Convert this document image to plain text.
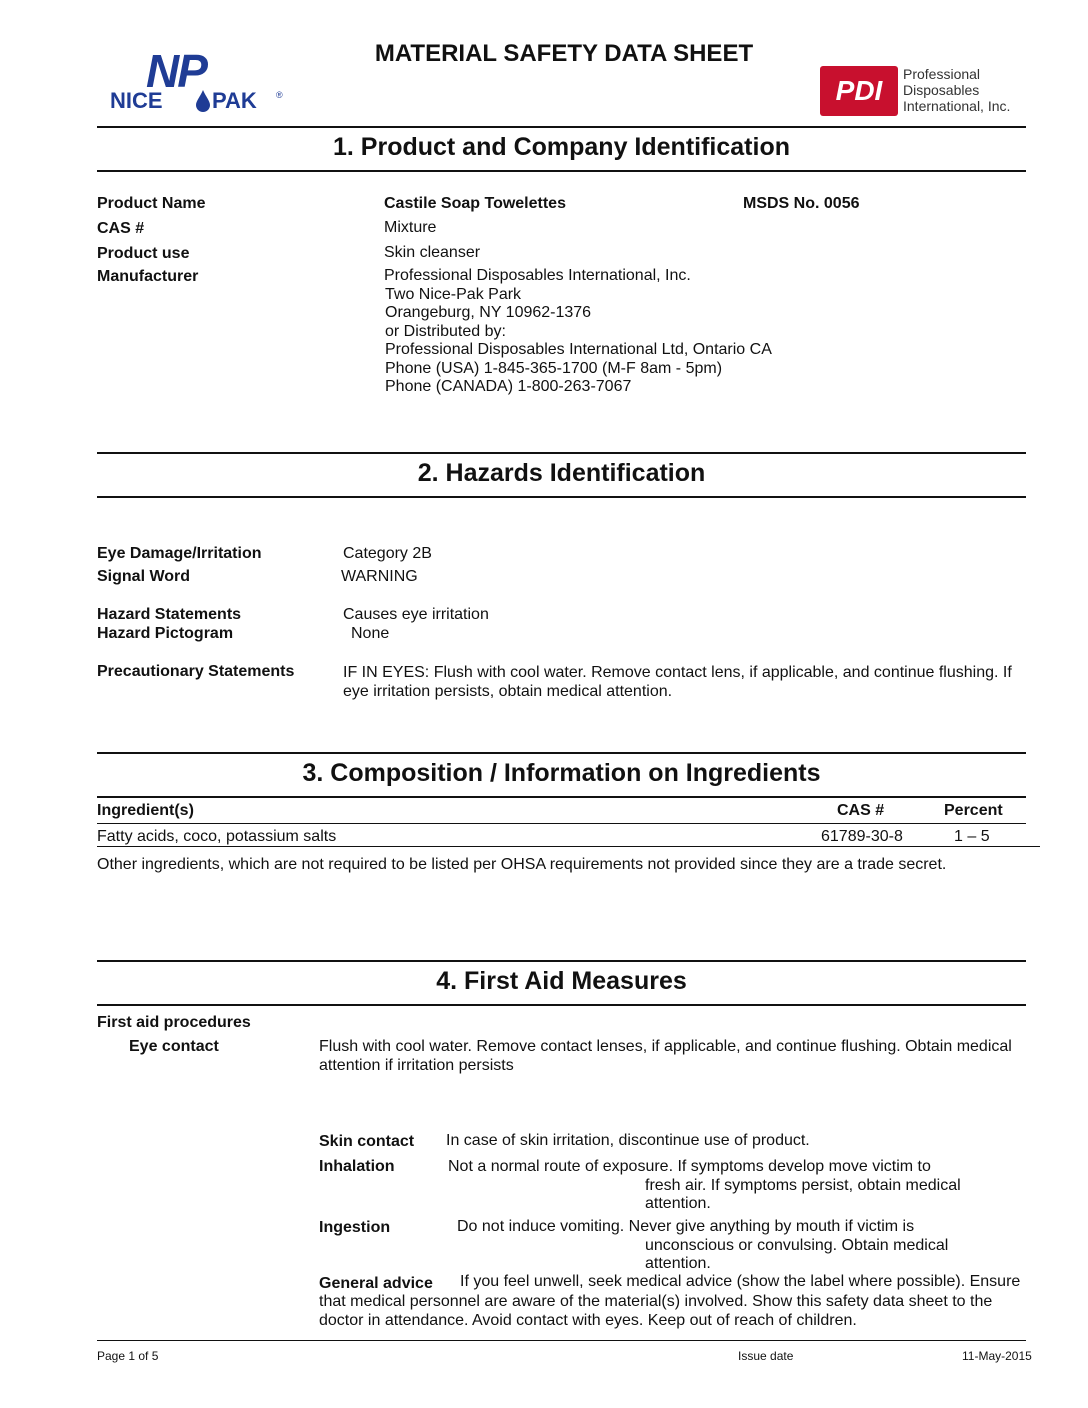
NP
NICE PAK ®
MATERIAL SAFETY DATA SHEET
PDI
Professional
Disposables
International, Inc.
1. Product and Company Identification
Product Name	Castile Soap Towelettes	MSDS No. 0056
CAS #	Mixture
Product use	Skin cleanser
Manufacturer	Professional Disposables International, Inc.
Two Nice-Pak Park
Orangeburg, NY 10962-1376
or Distributed by:
Professional Disposables International Ltd, Ontario CA
Phone (USA) 1-845-365-1700 (M-F 8am - 5pm)
Phone (CANADA) 1-800-263-7067
2. Hazards Identification
Eye Damage/Irritation	Category 2B
Signal Word	WARNING
Hazard Statements	Causes eye irritation
Hazard Pictogram	None
Precautionary Statements	IF IN EYES: Flush with cool water. Remove contact lens, if applicable, and continue flushing. If
eye irritation persists, obtain medical attention.
3. Composition / Information on Ingredients
Ingredient(s)	CAS #	Percent
Fatty acids, coco, potassium salts	61789-30-8	1 – 5
Other ingredients, which are not required to be listed per OHSA requirements not provided since they are a trade secret.
4. First Aid Measures
First aid procedures
Eye contact	Flush with cool water. Remove contact lenses, if applicable, and continue flushing. Obtain medical
attention if irritation persists
Skin contact In case of skin irritation, discontinue use of product.
Inhalation	Not a normal route of exposure. If symptoms develop move victim to
fresh air. If symptoms persist, obtain medical
attention.
Ingestion	Do not induce vomiting. Never give anything by mouth if victim is
unconscious or convulsing. Obtain medical
attention.
General advice If you feel unwell, seek medical advice (show the label where possible). Ensure
that medical personnel are aware of the material(s) involved. Show this safety data sheet to the
doctor in attendance. Avoid contact with eyes. Keep out of reach of children.
Page 1 of 5	Issue date	11-May-2015
